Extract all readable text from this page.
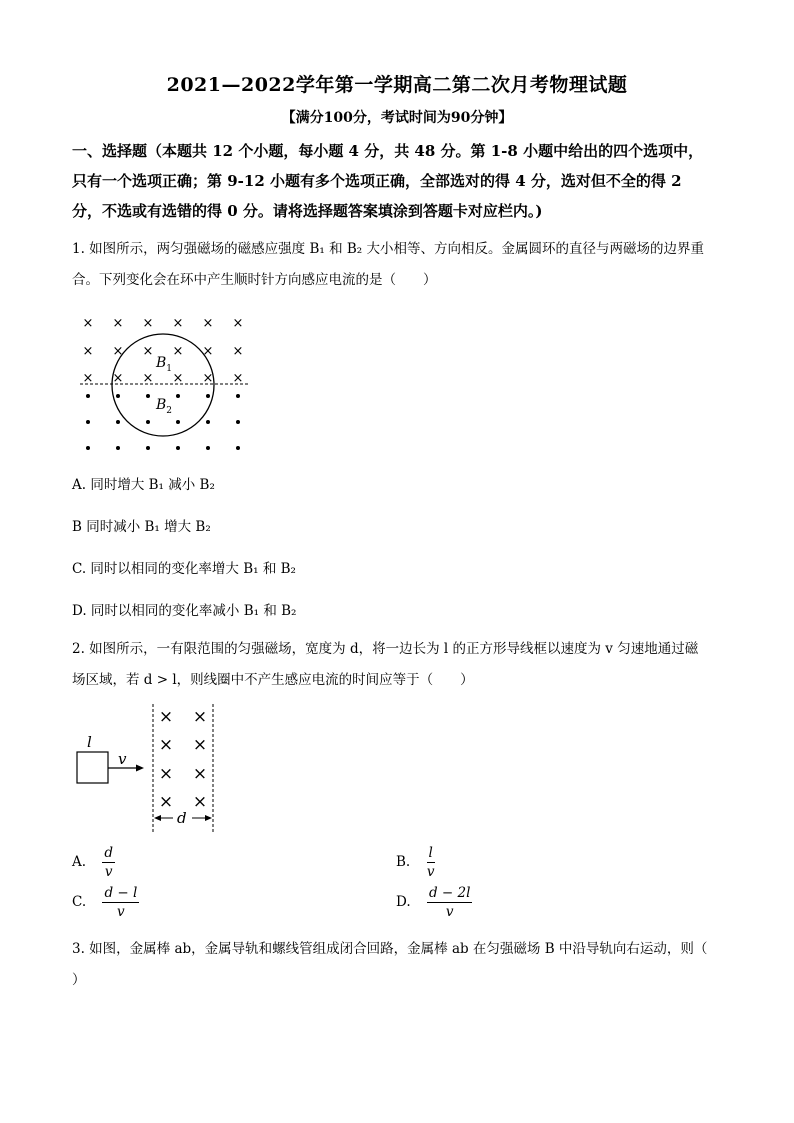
2021—2022学年第一学期高二第二次月考物理试题
【满分100分，考试时间为90分钟】
一、选择题（本题共 12 个小题，每小题 4 分，共 48 分。第 1-8 小题中给出的四个选项中，
只有一个选项正确；第 9-12 小题有多个选项正确，全部选对的得 4 分，选对但不全的得 2
分，不选或有选错的得 0 分。请将选择题答案填涂到答题卡对应栏内。)
1. 如图所示，两匀强磁场的磁感应强度 B₁ 和 B₂ 大小相等、方向相反。金属圆环的直径与两磁场的边界重
合。下列变化会在环中产生顺时针方向感应电流的是（　　）
× × × × × ×
× × × × × ×
× × × × × ×
$B_1$
$B_2$
A. 同时增大 B₁ 减小 B₂
B 同时减小 B₁ 增大 B₂
C. 同时以相同的变化率增大 B₁ 和 B₂
D. 同时以相同的变化率减小 B₁ 和 B₂
2. 如图所示，一有限范围的匀强磁场，宽度为 d，将一边长为 l 的正方形导线框以速度为 v 匀速地通过磁
场区域，若 d > l，则线圈中不产生感应电流的时间应等于（　　）
× ×
× ×
× ×
× ×
l
v
d
A. $\frac{d}{v}$	B. $\frac{l}{v}$
C. $\frac{d - l}{v}$	D. $\frac{d - 2l}{v}$
3. 如图，金属棒 ab，金属导轨和螺线管组成闭合回路，金属棒 ab 在匀强磁场 B 中沿导轨向右运动，则（
）
